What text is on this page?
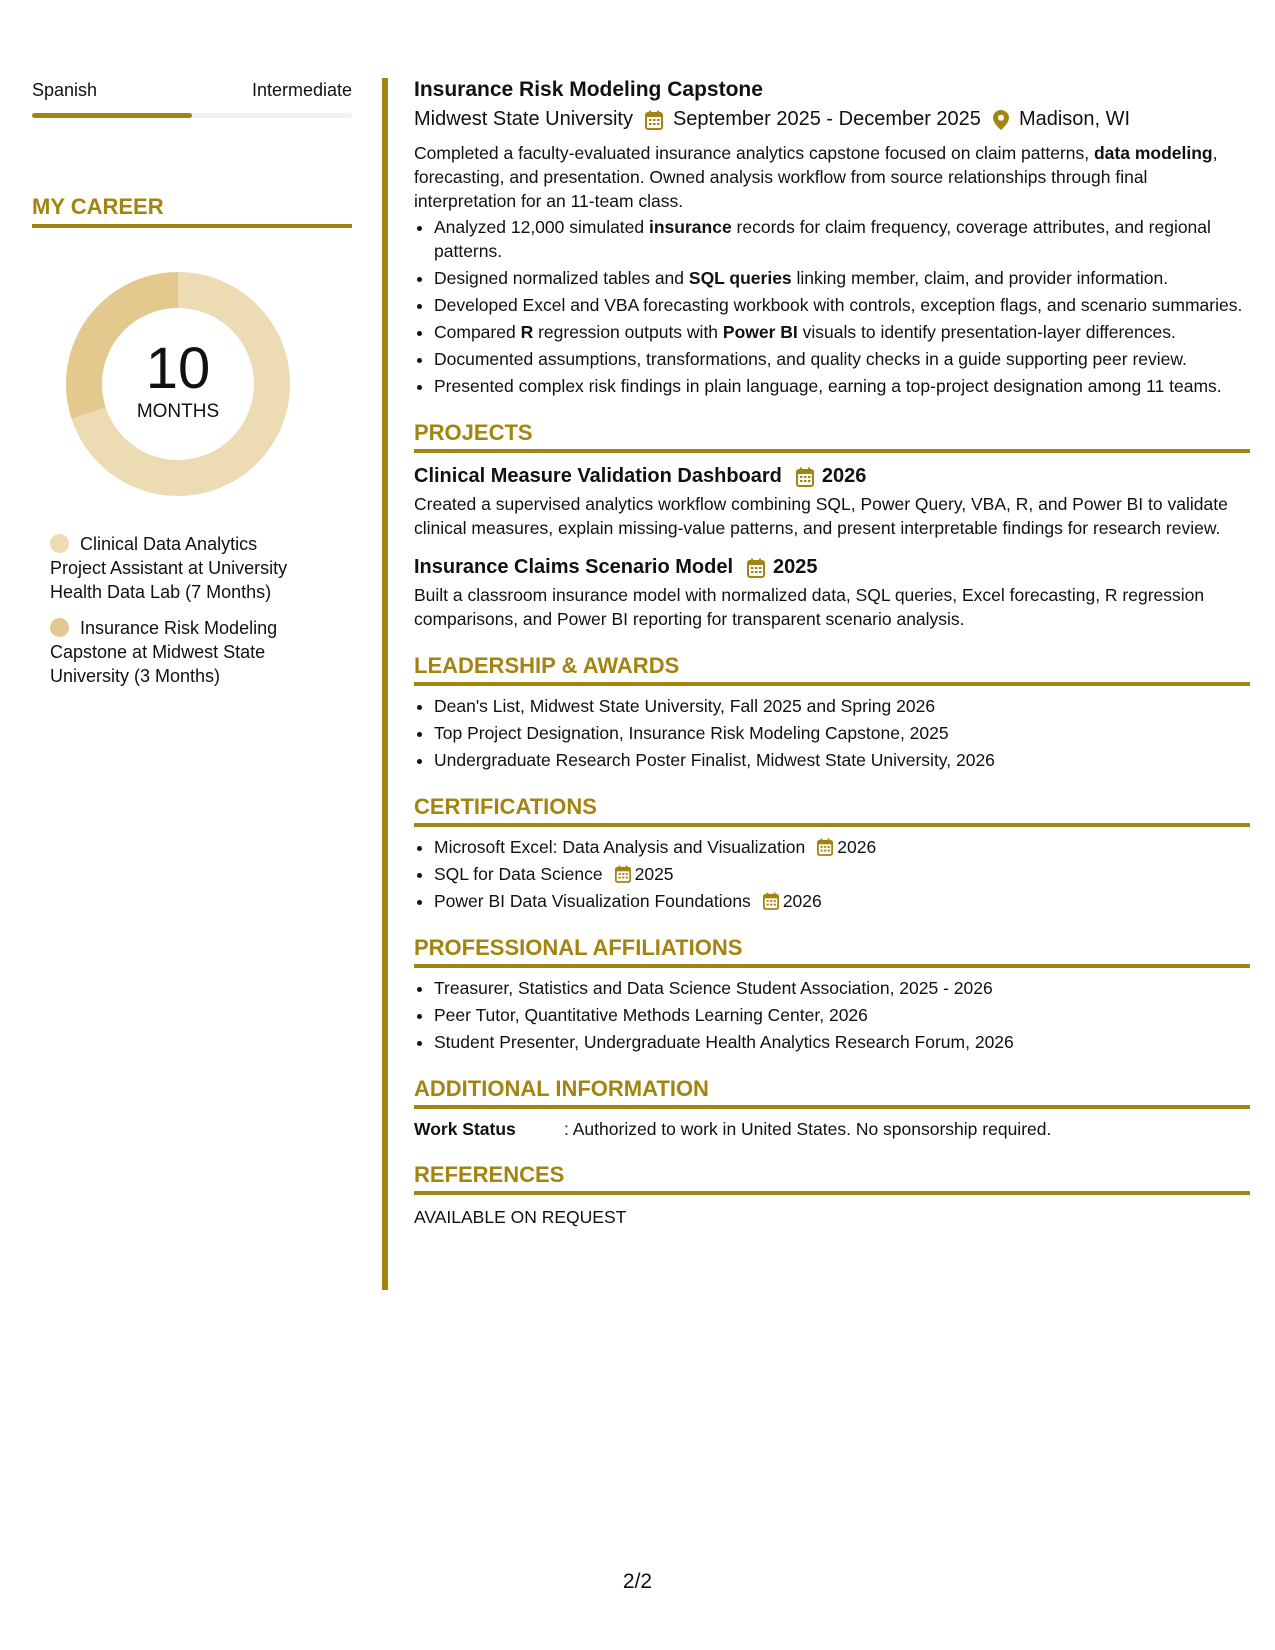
Spanish	Intermediate
MY CAREER
10
MONTHS
Clinical Data Analytics Project Assistant at University Health Data Lab (7 Months)
Insurance Risk Modeling Capstone at Midwest State University (3 Months)
Insurance Risk Modeling Capstone
Midwest State University September 2025 - December 2025 Madison, WI
Completed a faculty-evaluated insurance analytics capstone focused on claim patterns, data modeling, forecasting, and presentation. Owned analysis workflow from source relationships through final interpretation for an 11-team class.
• Analyzed 12,000 simulated insurance records for claim frequency, coverage attributes, and regional patterns.
• Designed normalized tables and SQL queries linking member, claim, and provider information.
• Developed Excel and VBA forecasting workbook with controls, exception flags, and scenario summaries.
• Compared R regression outputs with Power BI visuals to identify presentation-layer differences.
• Documented assumptions, transformations, and quality checks in a guide supporting peer review.
• Presented complex risk findings in plain language, earning a top-project designation among 11 teams.
PROJECTS
Clinical Measure Validation Dashboard 2026
Created a supervised analytics workflow combining SQL, Power Query, VBA, R, and Power BI to validate clinical measures, explain missing-value patterns, and present interpretable findings for research review.
Insurance Claims Scenario Model 2025
Built a classroom insurance model with normalized data, SQL queries, Excel forecasting, R regression comparisons, and Power BI reporting for transparent scenario analysis.
LEADERSHIP & AWARDS
• Dean's List, Midwest State University, Fall 2025 and Spring 2026
• Top Project Designation, Insurance Risk Modeling Capstone, 2025
• Undergraduate Research Poster Finalist, Midwest State University, 2026
CERTIFICATIONS
• Microsoft Excel: Data Analysis and Visualization 2026
• SQL for Data Science 2025
• Power BI Data Visualization Foundations 2026
PROFESSIONAL AFFILIATIONS
• Treasurer, Statistics and Data Science Student Association, 2025 - 2026
• Peer Tutor, Quantitative Methods Learning Center, 2026
• Student Presenter, Undergraduate Health Analytics Research Forum, 2026
ADDITIONAL INFORMATION
Work Status	: Authorized to work in United States. No sponsorship required.
REFERENCES
AVAILABLE ON REQUEST
2/2
